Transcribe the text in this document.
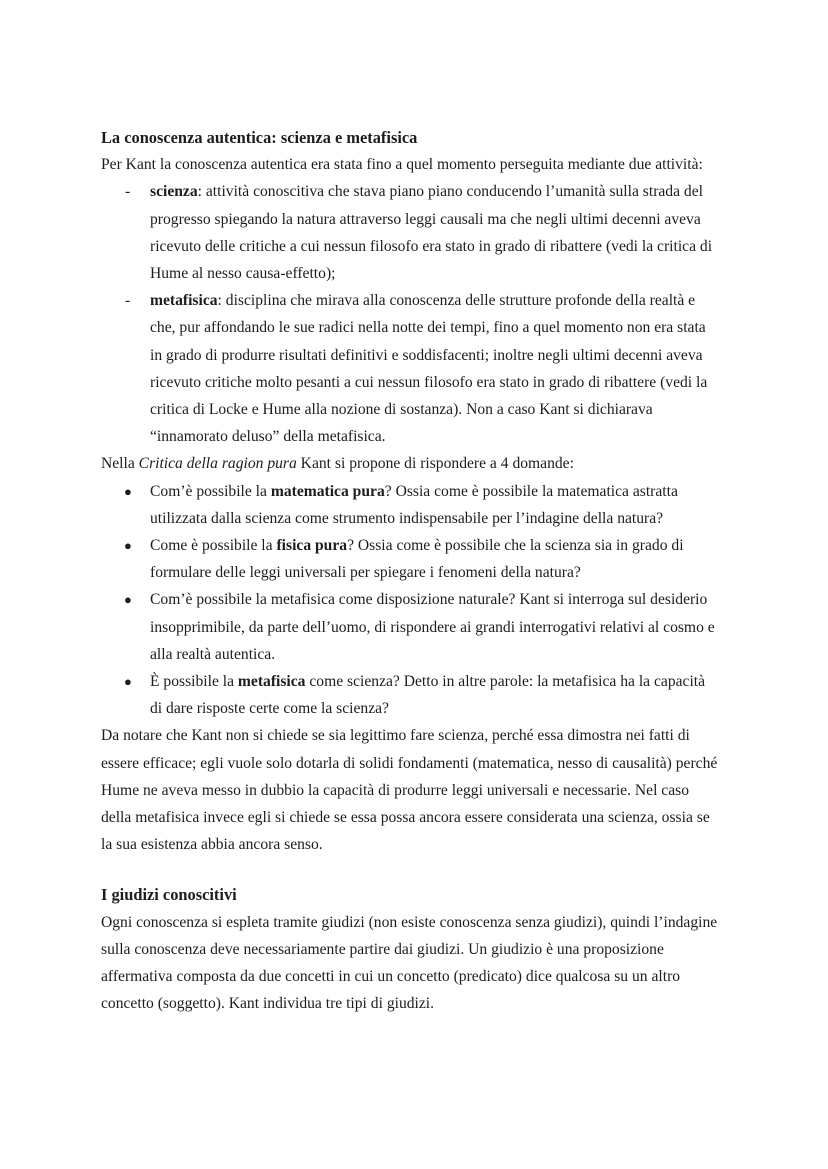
La conoscenza autentica: scienza e metafisica

Per Kant la conoscenza autentica era stata fino a quel momento perseguita mediante due attività:

- scienza: attività conoscitiva che stava piano piano conducendo l’umanità sulla strada del progresso spiegando la natura attraverso leggi causali ma che negli ultimi decenni aveva ricevuto delle critiche a cui nessun filosofo era stato in grado di ribattere (vedi la critica di Hume al nesso causa-effetto);
- metafisica: disciplina che mirava alla conoscenza delle strutture profonde della realtà e che, pur affondando le sue radici nella notte dei tempi, fino a quel momento non era stata in grado di produrre risultati definitivi e soddisfacenti; inoltre negli ultimi decenni aveva ricevuto critiche molto pesanti a cui nessun filosofo era stato in grado di ribattere (vedi la critica di Locke e Hume alla nozione di sostanza). Non a caso Kant si dichiarava “innamorato deluso” della metafisica.

Nella Critica della ragion pura Kant si propone di rispondere a 4 domande:

● Com’è possibile la matematica pura? Ossia come è possibile la matematica astratta utilizzata dalla scienza come strumento indispensabile per l’indagine della natura?
● Come è possibile la fisica pura? Ossia come è possibile che la scienza sia in grado di formulare delle leggi universali per spiegare i fenomeni della natura?
● Com’è possibile la metafisica come disposizione naturale? Kant si interroga sul desiderio insopprimibile, da parte dell’uomo, di rispondere ai grandi interrogativi relativi al cosmo e alla realtà autentica.
● È possibile la metafisica come scienza? Detto in altre parole: la metafisica ha la capacità di dare risposte certe come la scienza?

Da notare che Kant non si chiede se sia legittimo fare scienza, perché essa dimostra nei fatti di essere efficace; egli vuole solo dotarla di solidi fondamenti (matematica, nesso di causalità) perché Hume ne aveva messo in dubbio la capacità di produrre leggi universali e necessarie. Nel caso della metafisica invece egli si chiede se essa possa ancora essere considerata una scienza, ossia se la sua esistenza abbia ancora senso.

I giudizi conoscitivi

Ogni conoscenza si espleta tramite giudizi (non esiste conoscenza senza giudizi), quindi l’indagine sulla conoscenza deve necessariamente partire dai giudizi. Un giudizio è una proposizione affermativa composta da due concetti in cui un concetto (predicato) dice qualcosa su un altro concetto (soggetto). Kant individua tre tipi di giudizi.
